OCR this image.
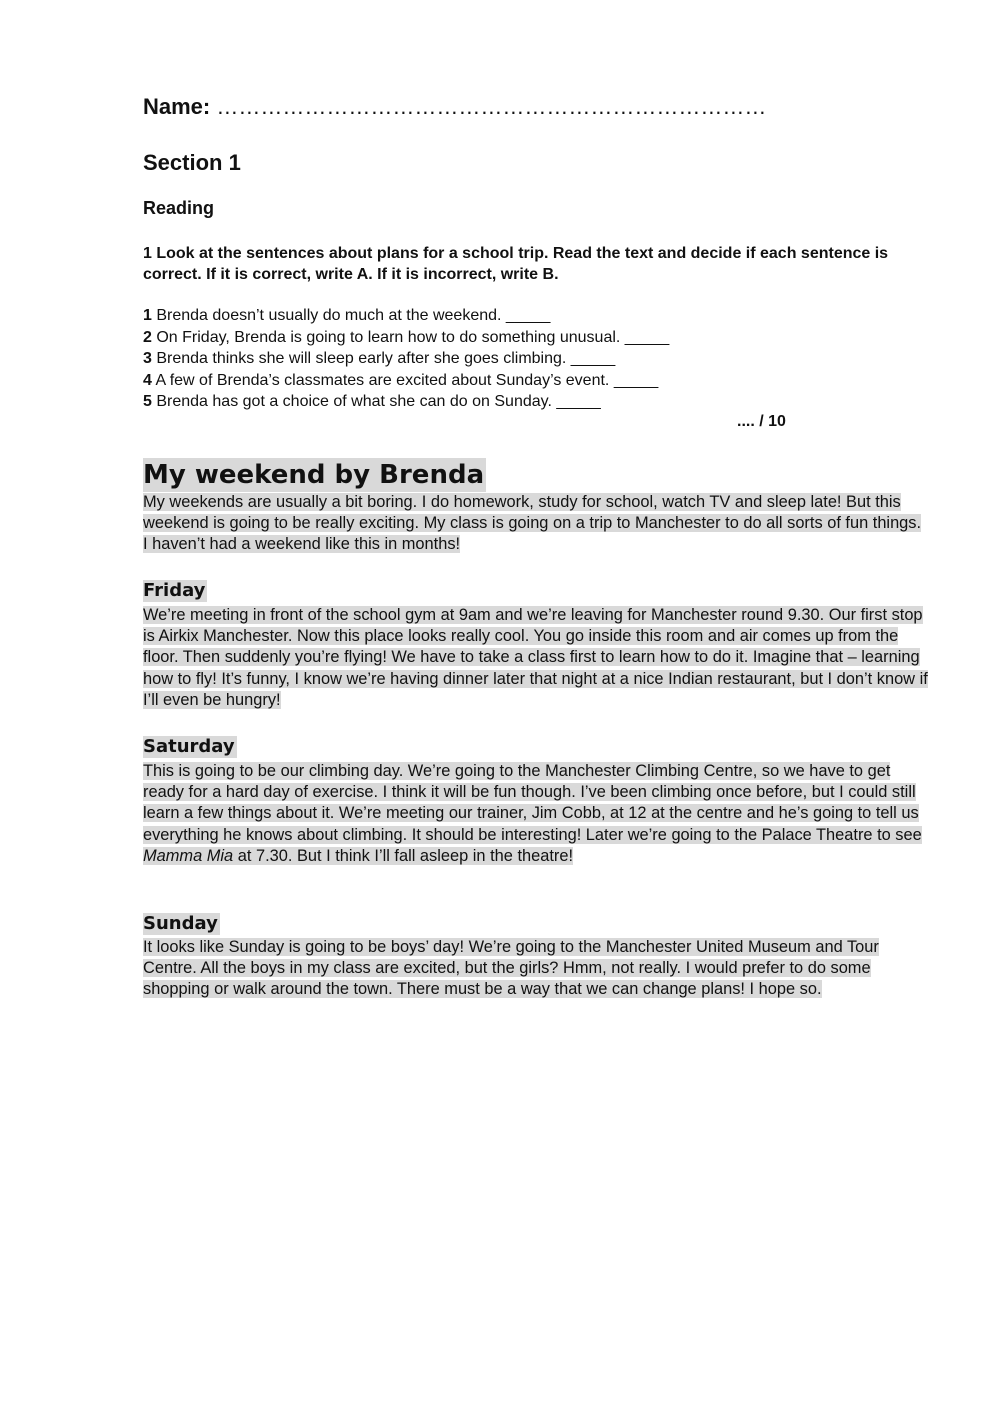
Name: …………………………………………………………………
Section 1
Reading
1 Look at the sentences about plans for a school trip. Read the text and decide if each sentence is correct. If it is correct, write A. If it is incorrect, write B.
1 Brenda doesn’t usually do much at the weekend. _____
2 On Friday, Brenda is going to learn how to do something unusual. _____
3 Brenda thinks she will sleep early after she goes climbing. _____
4 A few of Brenda’s classmates are excited about Sunday’s event. _____
5 Brenda has got a choice of what she can do on Sunday. _____
.... / 10
My weekend by Brenda

My weekends are usually a bit boring. I do homework, study for school, watch TV and sleep late! But this weekend is going to be really exciting. My class is going on a trip to Manchester to do all sorts of fun things. I haven’t had a weekend like this in months!

Friday

We’re meeting in front of the school gym at 9am and we’re leaving for Manchester round 9.30. Our first stop is Airkix Manchester. Now this place looks really cool. You go inside this room and air comes up from the floor. Then suddenly you’re flying! We have to take a class first to learn how to do it. Imagine that – learning how to fly! It’s funny, I know we’re having dinner later that night at a nice Indian restaurant, but I don’t know if I’ll even be hungry!

Saturday

This is going to be our climbing day. We’re going to the Manchester Climbing Centre, so we have to get ready for a hard day of exercise. I think it will be fun though. I’ve been climbing once before, but I could still learn a few things about it. We’re meeting our trainer, Jim Cobb, at 12 at the centre and he’s going to tell us everything he knows about climbing. It should be interesting! Later we’re going to the Palace Theatre to see Mamma Mia at 7.30. But I think I’ll fall asleep in the theatre!

Sunday

It looks like Sunday is going to be boys’ day! We’re going to the Manchester United Museum and Tour Centre. All the boys in my class are excited, but the girls? Hmm, not really. I would prefer to do some shopping or walk around the town. There must be a way that we can change plans! I hope so.
